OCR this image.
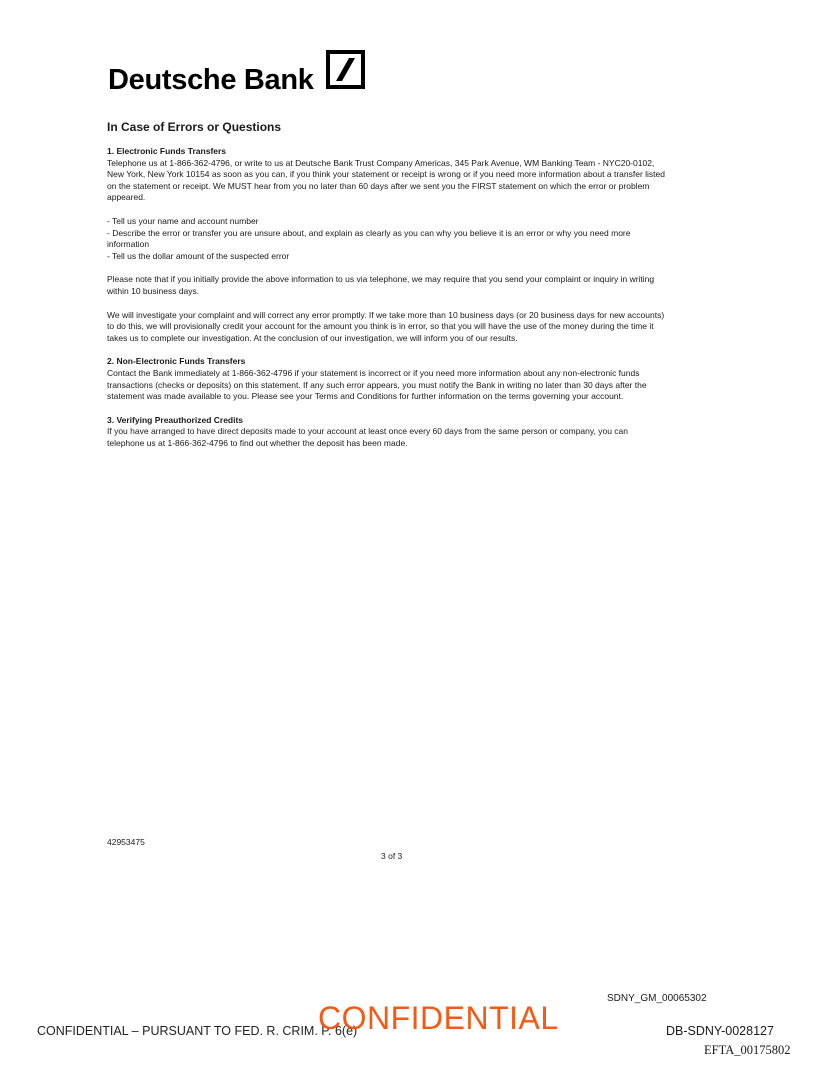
Deutsche Bank
In Case of Errors or Questions
1. Electronic Funds Transfers
Telephone us at 1-866-362-4796, or write to us at Deutsche Bank Trust Company Americas, 345 Park Avenue, WM Banking Team - NYC20-0102, New York, New York 10154 as soon as you can, if you think your statement or receipt is wrong or if you need more information about a transfer listed on the statement or receipt. We MUST hear from you no later than 60 days after we sent you the FIRST statement on which the error or problem appeared.
- Tell us your name and account number
- Describe the error or transfer you are unsure about, and explain as clearly as you can why you believe it is an error or why you need more information
- Tell us the dollar amount of the suspected error
Please note that if you initially provide the above information to us via telephone, we may require that you send your complaint or inquiry in writing within 10 business days.
We will investigate your complaint and will correct any error promptly. If we take more than 10 business days (or 20 business days for new accounts) to do this, we will provisionally credit your account for the amount you think is in error, so that you will have the use of the money during the time it takes us to complete our investigation. At the conclusion of our investigation, we will inform you of our results.
2. Non-Electronic Funds Transfers
Contact the Bank immediately at 1-866-362-4796 if your statement is incorrect or if you need more information about any non-electronic funds transactions (checks or deposits) on this statement. If any such error appears, you must notify the Bank in writing no later than 30 days after the statement was made available to you. Please see your Terms and Conditions for further information on the terms governing your account.
3. Verifying Preauthorized Credits
If you have arranged to have direct deposits made to your account at least once every 60 days from the same person or company, you can telephone us at 1-866-362-4796 to find out whether the deposit has been made.
42953475
3 of 3
SDNY_GM_00065302
CONFIDENTIAL – PURSUANT TO FED. R. CRIM. P. 6(e)
CONFIDENTIAL	DB-SDNY-0028127
EFTA_00175802
